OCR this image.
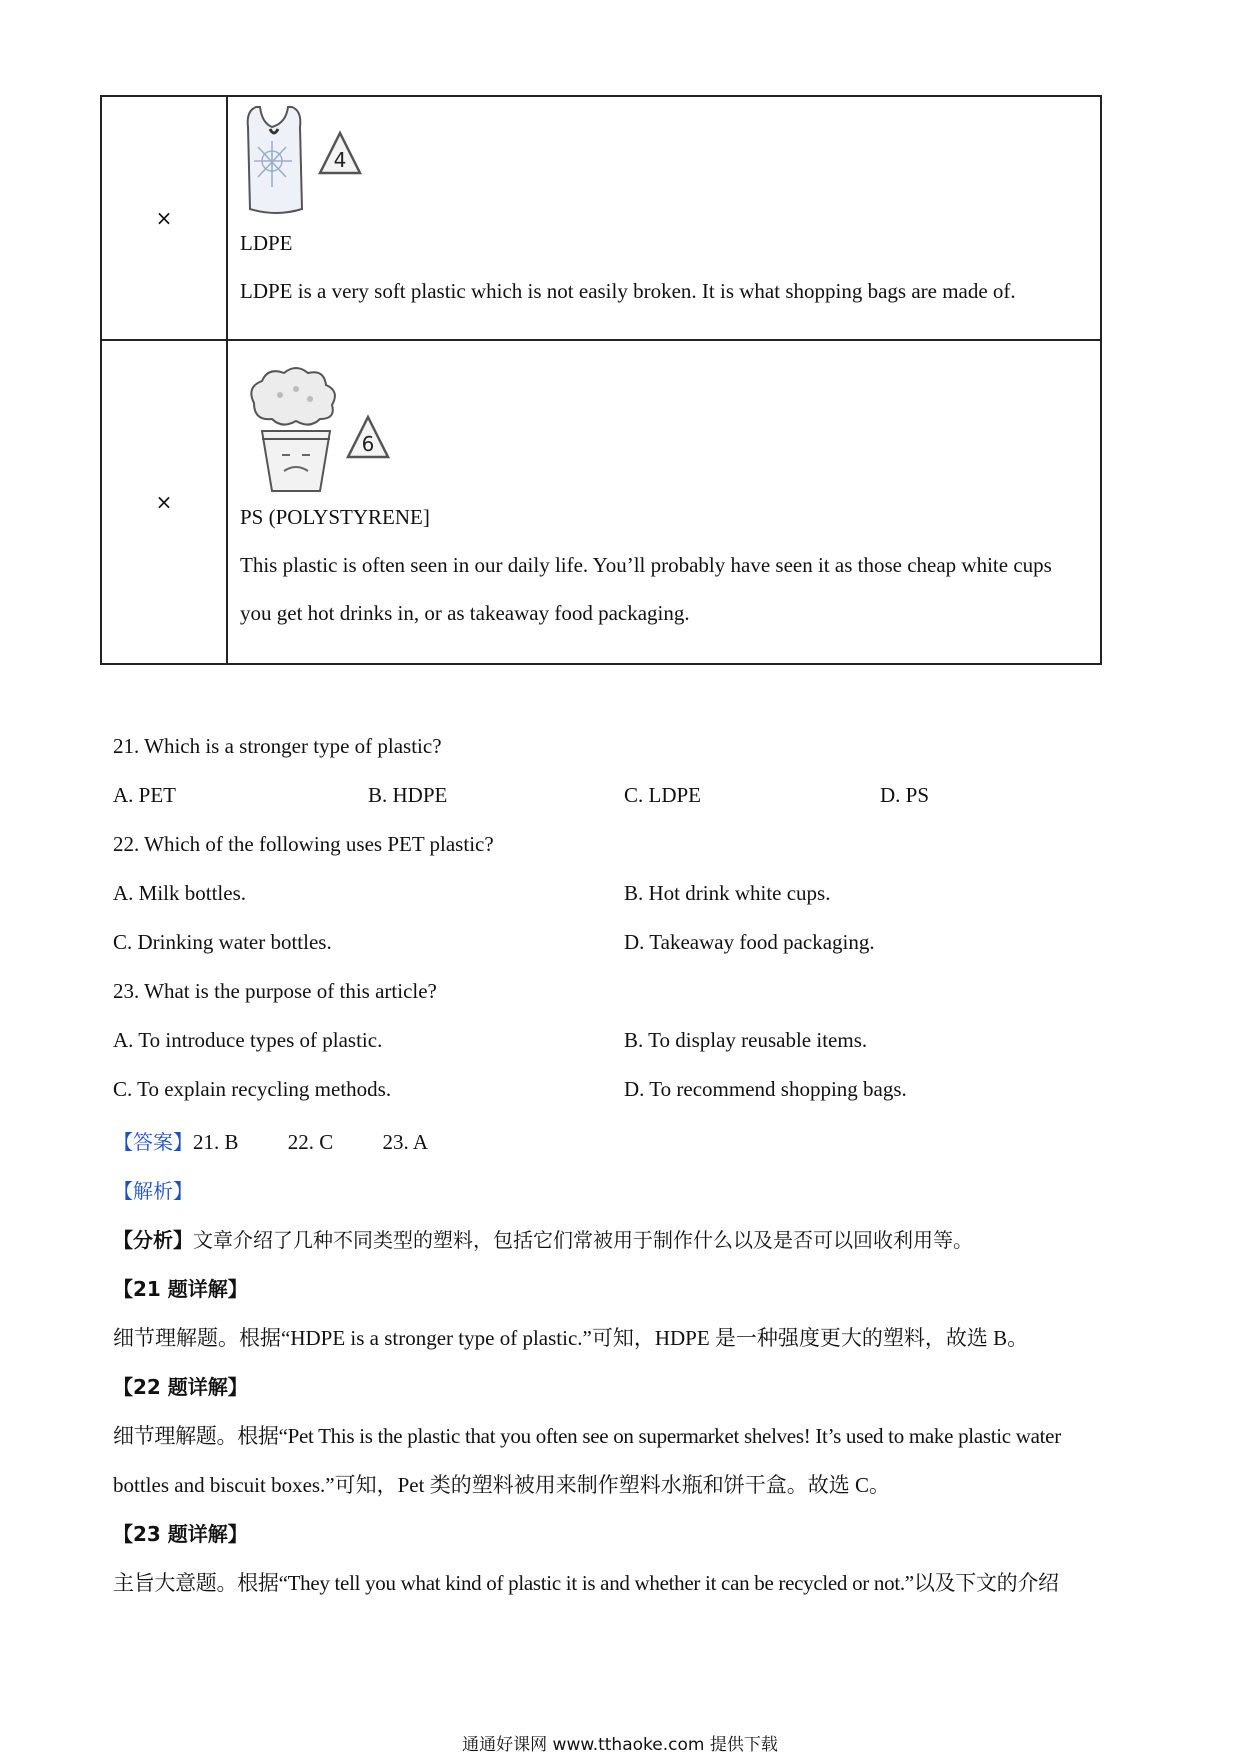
×	4

LDPE

LDPE is a very soft plastic which is not easily broken. It is what shopping bags are made of.

×	6

PS (POLYSTYRENE]

This plastic is often seen in our daily life. You’ll probably have seen it as those cheap white cups

you get hot drinks in, or as takeaway food packaging.

21. Which is a stronger type of plastic?
A. PET	B. HDPE	C. LDPE	D. PS
22. Which of the following uses PET plastic?
A. Milk bottles.	B. Hot drink white cups.
C. Drinking water bottles.	D. Takeaway food packaging.
23. What is the purpose of this article?
A. To introduce types of plastic.	B. To display reusable items.
C. To explain recycling methods.	D. To recommend shopping bags.
【答案】21. B 22. C 23. A
【解析】
【分析】文章介绍了几种不同类型的塑料，包括它们常被用于制作什么以及是否可以回收利用等。
【21 题详解】
细节理解题。根据“HDPE is a stronger type of plastic.”可知，HDPE 是一种强度更大的塑料，故选 B。
【22 题详解】
细节理解题。根据“Pet This is the plastic that you often see on supermarket shelves! It’s used to make plastic water
bottles and biscuit boxes.”可知，Pet 类的塑料被用来制作塑料水瓶和饼干盒。故选 C。
【23 题详解】
主旨大意题。根据“They tell you what kind of plastic it is and whether it can be recycled or not.”以及下文的介绍
通通好课网 www.tthaoke.com 提供下载
